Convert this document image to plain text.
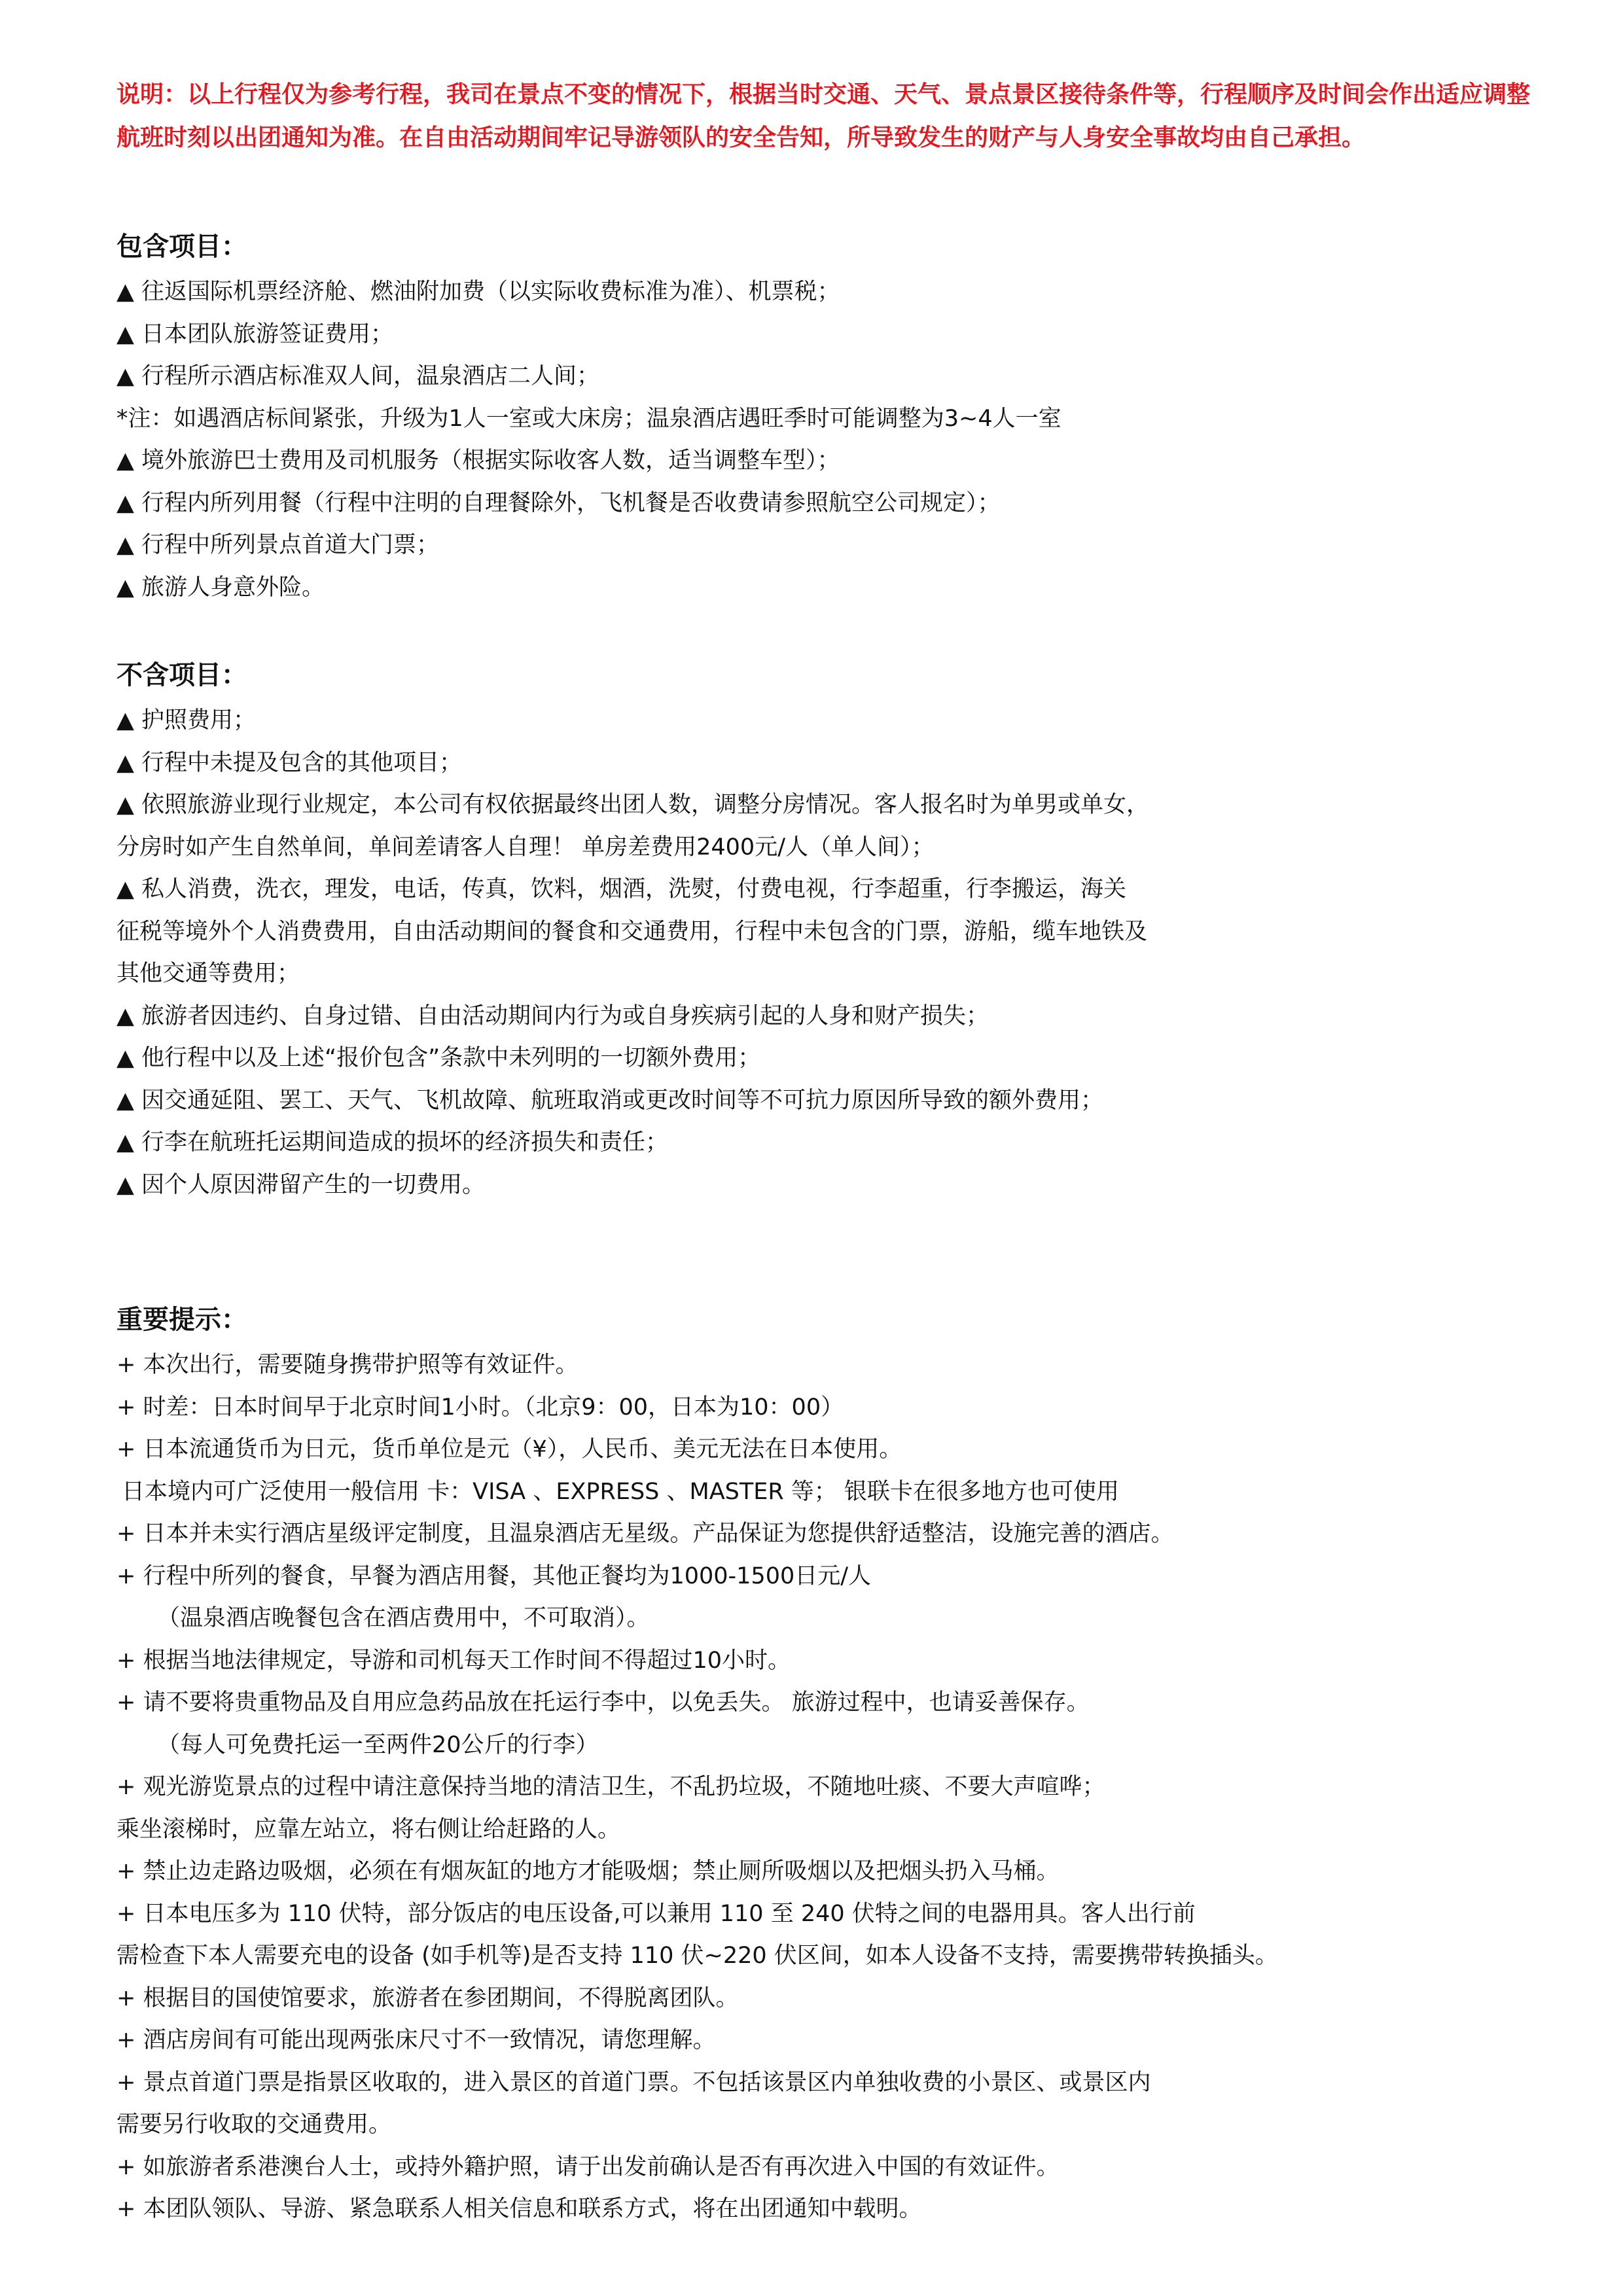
说明：以上行程仅为参考行程，我司在景点不变的情况下，根据当时交通、天气、景点景区接待条件等，行程顺序及时间会作出适应调整
航班时刻以出团通知为准。在自由活动期间牢记导游领队的安全告知，所导致发生的财产与人身安全事故均由自己承担。
包含项目：
▲ 往返国际机票经济舱、燃油附加费（以实际收费标准为准）、机票税；
▲ 日本团队旅游签证费用；
▲ 行程所示酒店标准双人间，温泉酒店二人间；
*注：如遇酒店标间紧张，升级为1人一室或大床房；温泉酒店遇旺季时可能调整为3~4人一室
▲ 境外旅游巴士费用及司机服务（根据实际收客人数，适当调整车型）；
▲ 行程内所列用餐（行程中注明的自理餐除外，飞机餐是否收费请参照航空公司规定）；
▲ 行程中所列景点首道大门票；
▲ 旅游人身意外险。
不含项目：
▲ 护照费用；
▲ 行程中未提及包含的其他项目；
▲ 依照旅游业现行业规定，本公司有权依据最终出团人数，调整分房情况。客人报名时为单男或单女，
分房时如产生自然单间，单间差请客人自理！ 单房差费用2400元/人（单人间）；
▲ 私人消费，洗衣，理发，电话，传真，饮料，烟酒，洗熨，付费电视，行李超重，行李搬运，海关
征税等境外个人消费费用，自由活动期间的餐食和交通费用，行程中未包含的门票，游船，缆车地铁及
其他交通等费用；
▲ 旅游者因违约、自身过错、自由活动期间内行为或自身疾病引起的人身和财产损失；
▲ 他行程中以及上述“报价包含”条款中未列明的一切额外费用；
▲ 因交通延阻、罢工、天气、飞机故障、航班取消或更改时间等不可抗力原因所导致的额外费用；
▲ 行李在航班托运期间造成的损坏的经济损失和责任；
▲ 因个人原因滞留产生的一切费用。
重要提示：
+ 本次出行，需要随身携带护照等有效证件。
+ 时差：日本时间早于北京时间1小时。（北京9：00，日本为10：00）
+ 日本流通货币为日元，货币单位是元（¥），人民币、美元无法在日本使用。
日本境内可广泛使用一般信用 卡：VISA 、EXPRESS 、MASTER 等； 银联卡在很多地方也可使用
+ 日本并未实行酒店星级评定制度，且温泉酒店无星级。产品保证为您提供舒适整洁，设施完善的酒店。
+ 行程中所列的餐食，早餐为酒店用餐，其他正餐均为1000-1500日元/人
（温泉酒店晚餐包含在酒店费用中，不可取消）。
+ 根据当地法律规定，导游和司机每天工作时间不得超过10小时。
+ 请不要将贵重物品及自用应急药品放在托运行李中，以免丢失。 旅游过程中，也请妥善保存。
（每人可免费托运一至两件20公斤的行李）
+ 观光游览景点的过程中请注意保持当地的清洁卫生，不乱扔垃圾，不随地吐痰、不要大声喧哗；
乘坐滚梯时，应靠左站立，将右侧让给赶路的人。
+ 禁止边走路边吸烟，必须在有烟灰缸的地方才能吸烟；禁止厕所吸烟以及把烟头扔入马桶。
+ 日本电压多为 110 伏特，部分饭店的电压设备,可以兼用 110 至 240 伏特之间的电器用具。客人出行前
需检查下本人需要充电的设备 (如手机等)是否支持 110 伏~220 伏区间，如本人设备不支持，需要携带转换插头。
+ 根据目的国使馆要求，旅游者在参团期间，不得脱离团队。
+ 酒店房间有可能出现两张床尺寸不一致情况，请您理解。
+ 景点首道门票是指景区收取的，进入景区的首道门票。不包括该景区内单独收费的小景区、或景区内
需要另行收取的交通费用。
+ 如旅游者系港澳台人士，或持外籍护照，请于出发前确认是否有再次进入中国的有效证件。
+ 本团队领队、导游、紧急联系人相关信息和联系方式，将在出团通知中载明。
